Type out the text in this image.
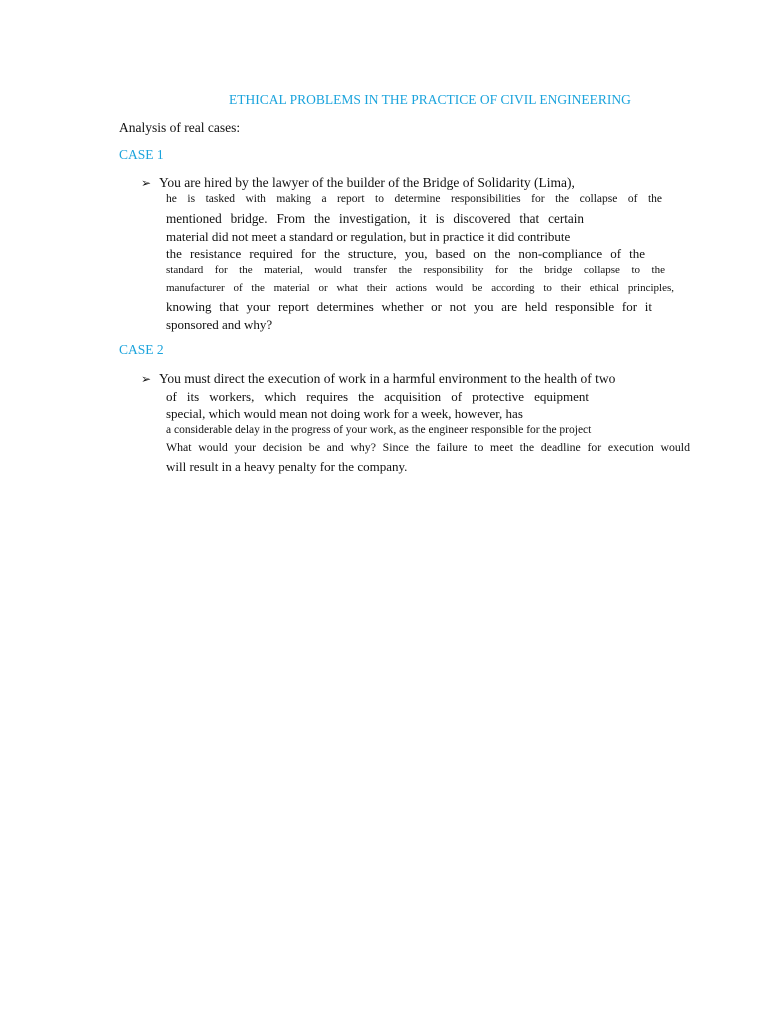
ETHICAL PROBLEMS IN THE PRACTICE OF CIVIL ENGINEERING
Analysis of real cases:
CASE 1
➢ You are hired by the lawyer of the builder of the Bridge of Solidarity (Lima),
he is tasked with making a report to determine responsibilities for the collapse of the
mentioned bridge. From the investigation, it is discovered that certain
material did not meet a standard or regulation, but in practice it did contribute
the resistance required for the structure, you, based on the non-compliance of the
standard for the material, would transfer the responsibility for the bridge collapse to the
manufacturer of the material or what their actions would be according to their ethical principles,
knowing that your report determines whether or not you are held responsible for it
sponsored and why?
CASE 2
➢ You must direct the execution of work in a harmful environment to the health of two
of its workers, which requires the acquisition of protective equipment
special, which would mean not doing work for a week, however, has
a considerable delay in the progress of your work, as the engineer responsible for the project
What would your decision be and why? Since the failure to meet the deadline for execution would
will result in a heavy penalty for the company.
